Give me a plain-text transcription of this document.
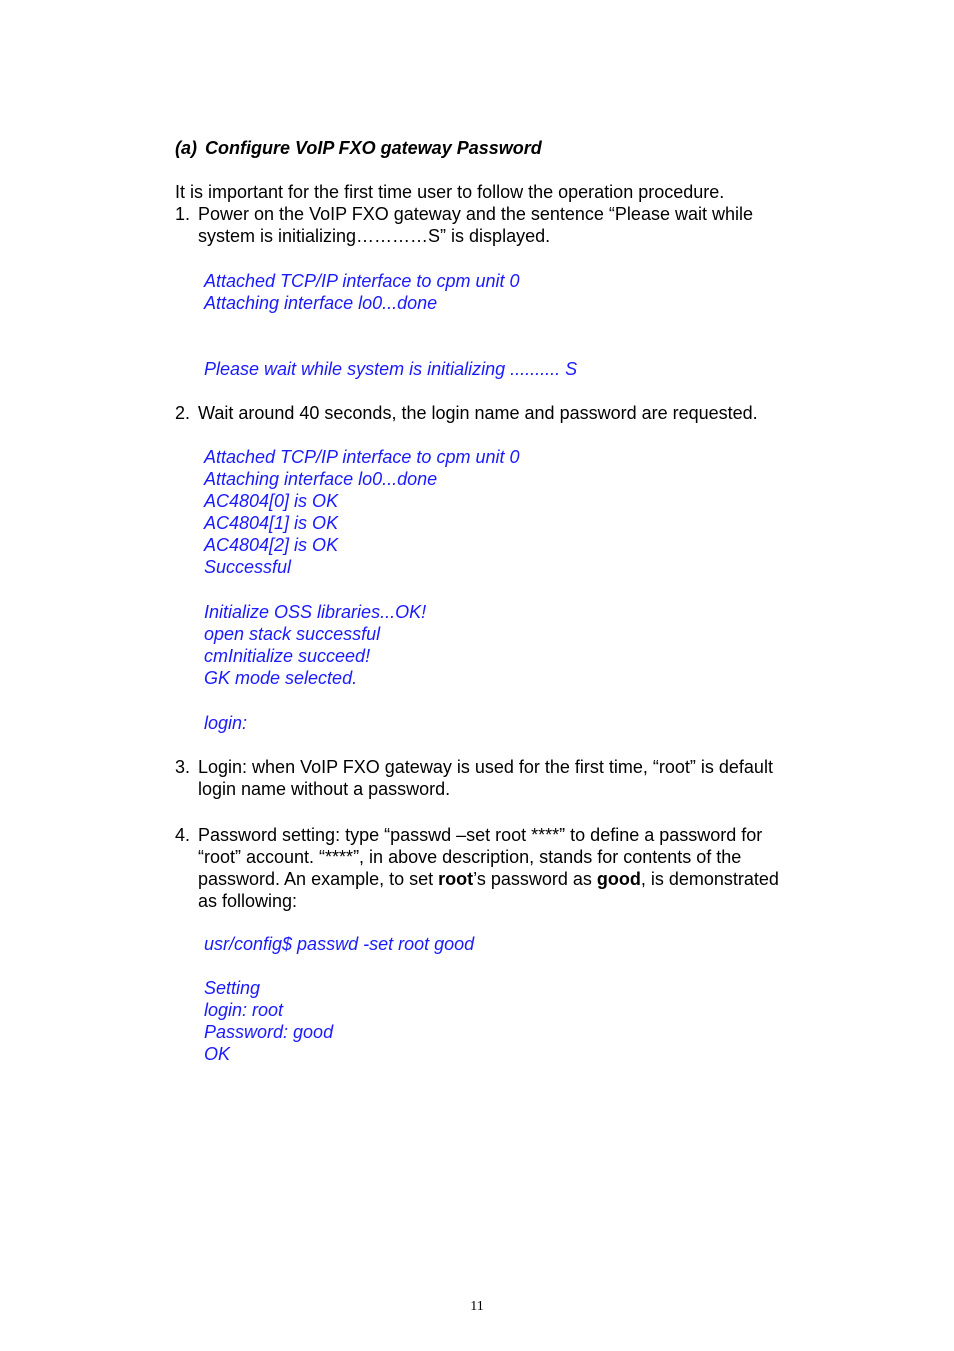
(a) Configure VoIP FXO gateway Password
It is important for the first time user to follow the operation procedure.
1. Power on the VoIP FXO gateway and the sentence “Please wait while
system is initializing…………S” is displayed.
Attached TCP/IP interface to cpm unit 0
Attaching interface lo0...done
Please wait while system is initializing .......... S
2. Wait around 40 seconds, the login name and password are requested.
Attached TCP/IP interface to cpm unit 0
Attaching interface lo0...done
AC4804[0] is OK
AC4804[1] is OK
AC4804[2] is OK
Successful
Initialize OSS libraries...OK!
open stack successful
cmInitialize succeed!
GK mode selected.
login:
3. Login: when VoIP FXO gateway is used for the first time, “root” is default
login name without a password.
4. Password setting: type “passwd –set root ****” to define a password for
“root” account. “****”, in above description, stands for contents of the
password. An example, to set root’s password as good, is demonstrated
as following:
usr/config$ passwd -set root good
Setting
login: root
Password: good
OK
11
